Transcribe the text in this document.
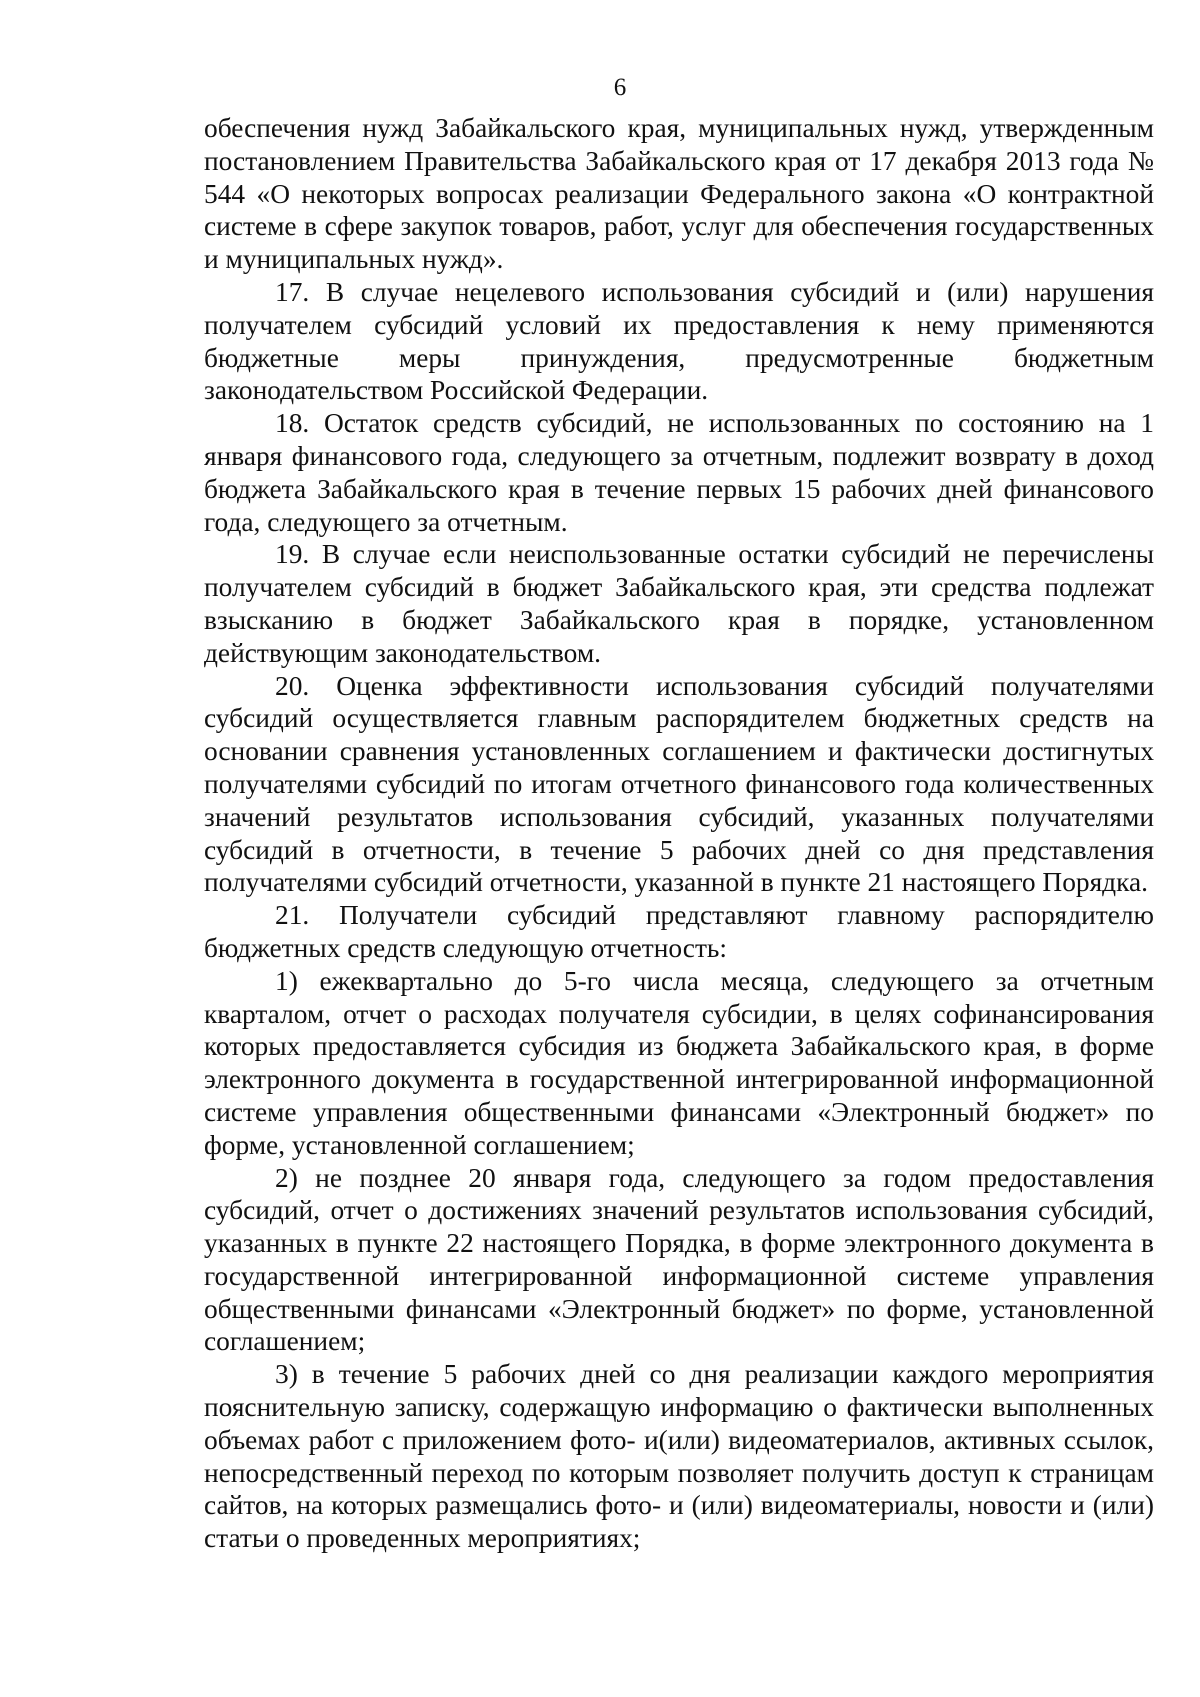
6

обеспечения нужд Забайкальского края, муниципальных нужд, утвержденным постановлением Правительства Забайкальского края от 17 декабря 2013 года № 544 «О некоторых вопросах реализации Федерального закона «О контрактной системе в сфере закупок товаров, работ, услуг для обеспечения государственных и муниципальных нужд».

17. В случае нецелевого использования субсидий и (или) нарушения получателем субсидий условий их предоставления к нему применяются бюджетные меры принуждения, предусмотренные бюджетным законодательством Российской Федерации.

18. Остаток средств субсидий, не использованных по состоянию на 1 января финансового года, следующего за отчетным, подлежит возврату в доход бюджета Забайкальского края в течение первых 15 рабочих дней финансового года, следующего за отчетным.

19. В случае если неиспользованные остатки субсидий не перечислены получателем субсидий в бюджет Забайкальского края, эти средства подлежат взысканию в бюджет Забайкальского края в порядке, установленном действующим законодательством.

20. Оценка эффективности использования субсидий получателями субсидий осуществляется главным распорядителем бюджетных средств на основании сравнения установленных соглашением и фактически достигнутых получателями субсидий по итогам отчетного финансового года количественных значений результатов использования субсидий, указанных получателями субсидий в отчетности, в течение 5 рабочих дней со дня представления получателями субсидий отчетности, указанной в пункте 21 настоящего Порядка.

21. Получатели субсидий представляют главному распорядителю бюджетных средств следующую отчетность:

1) ежеквартально до 5-го числа месяца, следующего за отчетным кварталом, отчет о расходах получателя субсидии, в целях софинансирования которых предоставляется субсидия из бюджета Забайкальского края, в форме электронного документа в государственной интегрированной информационной системе управления общественными финансами «Электронный бюджет» по форме, установленной соглашением;

2) не позднее 20 января года, следующего за годом предоставления субсидий, отчет о достижениях значений результатов использования субсидий, указанных в пункте 22 настоящего Порядка, в форме электронного документа в государственной интегрированной информационной системе управления общественными финансами «Электронный бюджет» по форме, установленной соглашением;

3) в течение 5 рабочих дней со дня реализации каждого мероприятия пояснительную записку, содержащую информацию о фактически выполненных объемах работ с приложением фото- и(или) видеоматериалов, активных ссылок, непосредственный переход по которым позволяет получить доступ к страницам сайтов, на которых размещались фото- и (или) видеоматериалы, новости и (или) статьи о проведенных мероприятиях;
